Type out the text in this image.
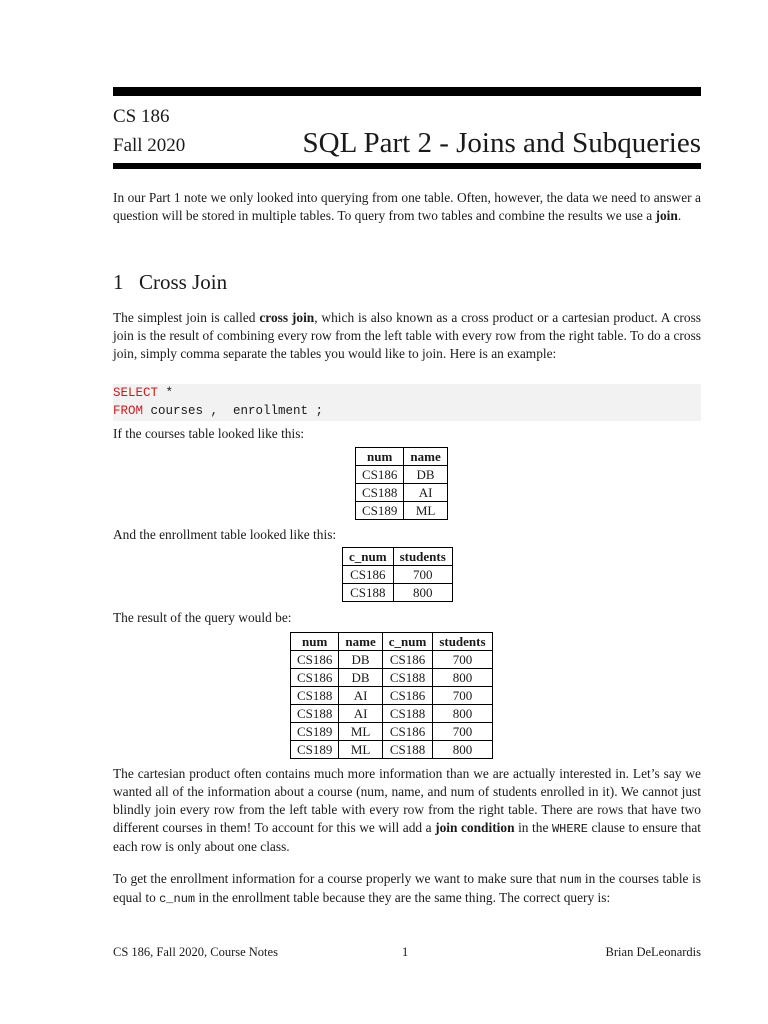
CS 186
Fall 2020	SQL Part 2 - Joins and Subqueries

In our Part 1 note we only looked into querying from one table. Often, however, the data we need to answer a question will be stored in multiple tables. To query from two tables and combine the results we use a join.

1 Cross Join

The simplest join is called cross join, which is also known as a cross product or a cartesian product. A cross join is the result of combining every row from the left table with every row from the right table. To do a cross join, simply comma separate the tables you would like to join. Here is an example:

SELECT *
FROM courses ,  enrollment ;

If the courses table looked like this:

num	name
CS186	DB
CS188	AI
CS189	ML

And the enrollment table looked like this:

c_num	students
CS186	700
CS188	800

The result of the query would be:

num	name	c_num	students
CS186	DB	CS186	700
CS186	DB	CS188	800
CS188	AI	CS186	700
CS188	AI	CS188	800
CS189	ML	CS186	700
CS189	ML	CS188	800

The cartesian product often contains much more information than we are actually interested in. Let’s say we wanted all of the information about a course (num, name, and num of students enrolled in it). We cannot just blindly join every row from the left table with every row from the right table. There are rows that have two different courses in them! To account for this we will add a join condition in the WHERE clause to ensure that each row is only about one class.

To get the enrollment information for a course properly we want to make sure that num in the courses table is equal to c_num in the enrollment table because they are the same thing. The correct query is:

CS 186, Fall 2020, Course Notes	1	Brian DeLeonardis
